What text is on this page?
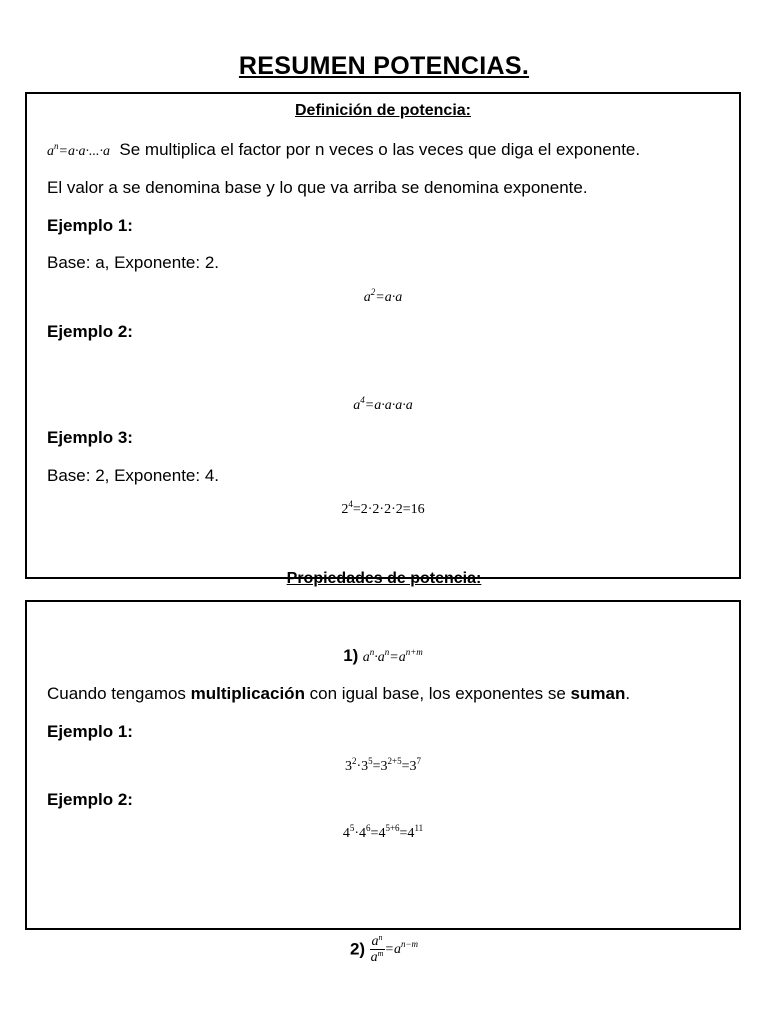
RESUMEN POTENCIAS.
Definición de potencia:
$a^n=a\cdot a\cdot...\cdot a$ Se multiplica el factor por n veces o las veces que diga el exponente.
El valor a se denomina base y lo que va arriba se denomina exponente.
Ejemplo 1:
Base: a, Exponente: 2.
$a^2=a\cdot a$
Ejemplo 2:
$a^4=a\cdot a\cdot a\cdot a$
Ejemplo 3:
Base: 2, Exponente: 4.
$2^4=2\cdot 2\cdot 2\cdot 2=16$
Propiedades de potencia:
1) $a^n\cdot a^n=a^{n+m}$
Cuando tengamos multiplicación con igual base, los exponentes se suman.
Ejemplo 1:
$3^2\cdot 3^5=3^{2+5}=3^7$
Ejemplo 2:
$4^5\cdot 4^6=4^{5+6}=4^{11}$
$2) \frac{a^n}{a^m} =a^{n-m}$
